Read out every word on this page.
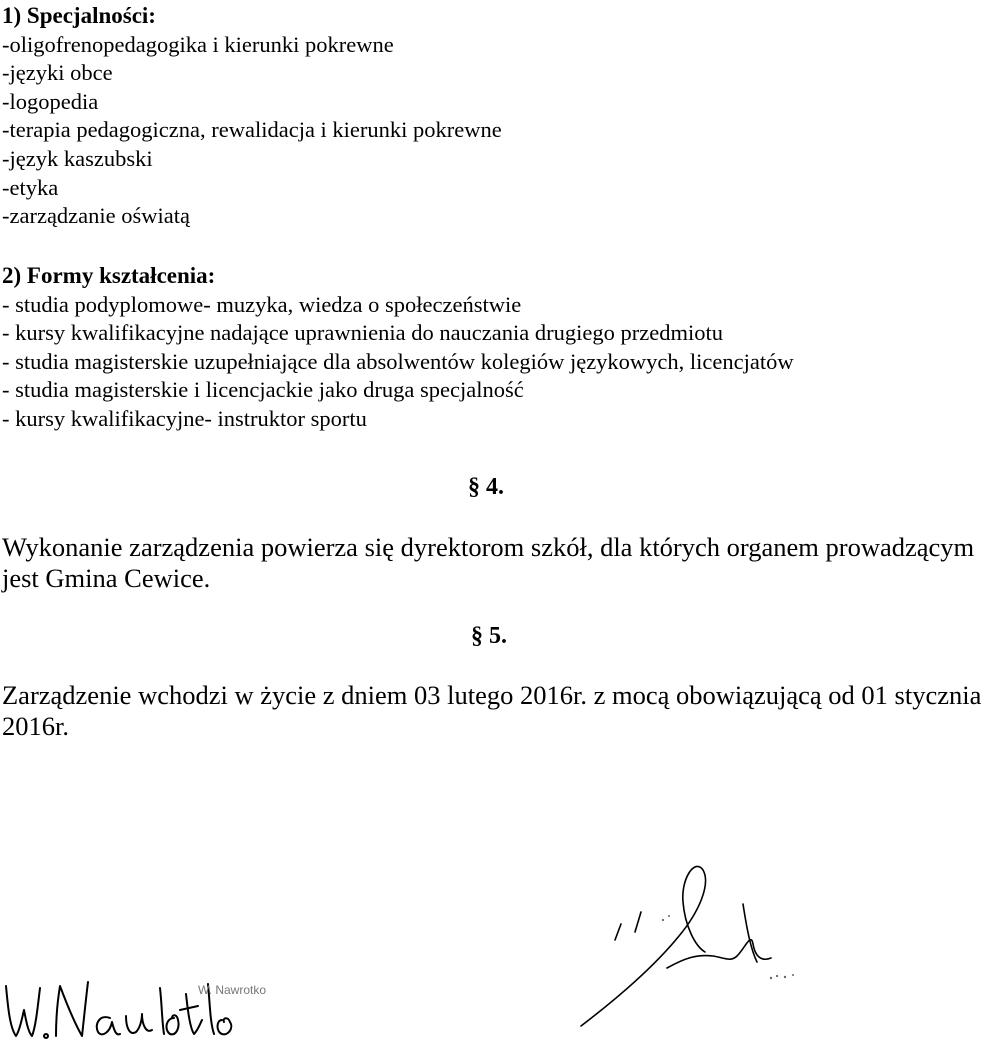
1) Specjalności:
-oligofrenopedagogika i kierunki pokrewne
-języki obce
-logopedia
-terapia pedagogiczna, rewalidacja i kierunki pokrewne
-język kaszubski
-etyka
-zarządzanie oświatą
2) Formy kształcenia:
- studia podyplomowe- muzyka, wiedza o społeczeństwie
- kursy kwalifikacyjne nadające uprawnienia do nauczania drugiego przedmiotu
- studia magisterskie uzupełniające dla absolwentów kolegiów językowych, licencjatów
- studia magisterskie i licencjackie jako druga specjalność
- kursy kwalifikacyjne- instruktor sportu
§ 4.
Wykonanie zarządzenia powierza się dyrektorom szkół, dla których organem prowadzącym
jest Gmina Cewice.
§ 5.
Zarządzenie wchodzi w życie z dniem 03 lutego 2016r. z mocą obowiązującą od 01 stycznia
2016r.
W. Nawrotko
